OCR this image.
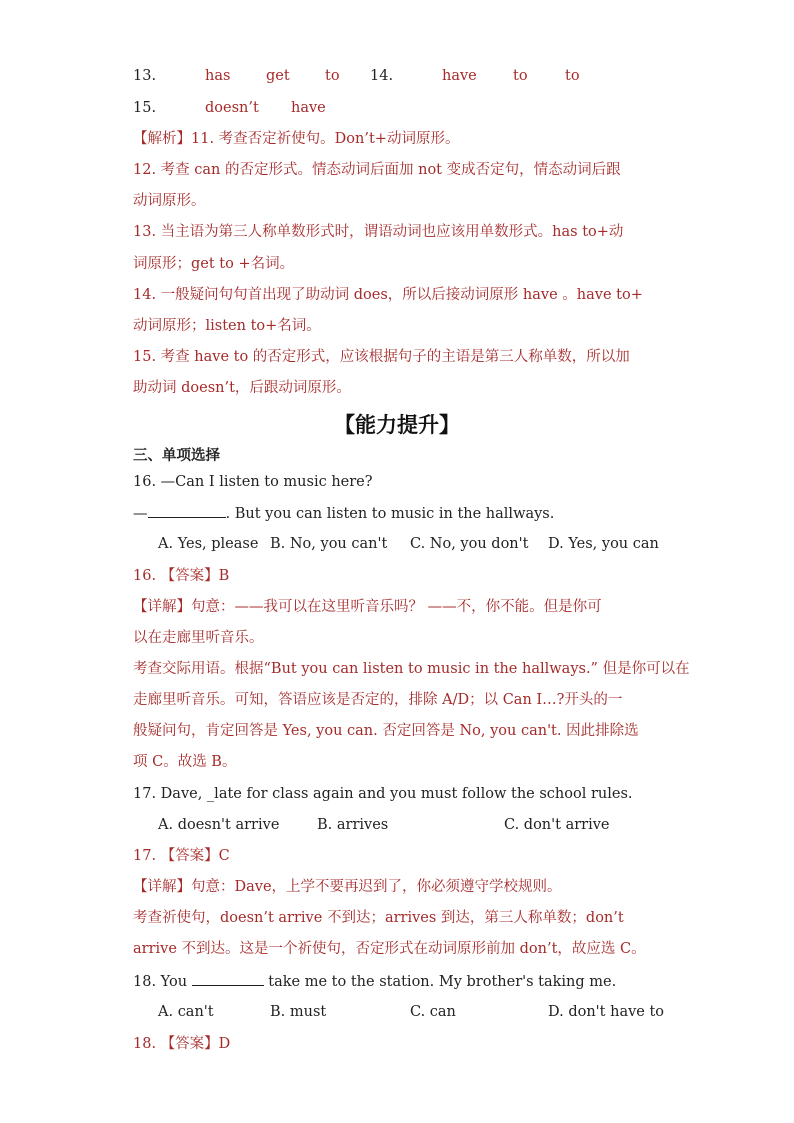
13.	has get to 14.	have to	to
15.	doesn’t have
【解析】11. 考查否定祈使句。Don’t+动词原形。
12. 考查 can 的否定形式。情态动词后面加 not 变成否定句，情态动词后跟
动词原形。
13. 当主语为第三人称单数形式时，谓语动词也应该用单数形式。has to+动
词原形；get to +名词。
14. 一般疑问句句首出现了助动词 does，所以后接动词原形 have 。have to+
动词原形；listen to+名词。
15. 考查 have to 的否定形式，应该根据句子的主语是第三人称单数，所以加
助动词 doesn’t，后跟动词原形。
【能力提升】
三、单项选择
16. —Can I listen to music here?
—	. But you can listen to music in the hallways.
A. Yes, please B. No, you can't C. No, you don't D. Yes, you can
16. 【答案】B
【详解】句意：——我可以在这里听音乐吗？ ——不，你不能。但是你可
以在走廊里听音乐。
考查交际用语。根据“But you can listen to music in the hallways.” 但是你可以在
走廊里听音乐。可知，答语应该是否定的，排除 A/D；以 Can I…?开头的一
般疑问句，肯定回答是 Yes, you can. 否定回答是 No, you can't. 因此排除选
项 C。故选 B。
17. Dave, _late for class again and you must follow the school rules.
A. doesn't arrive	B. arrives	C. don't arrive
17. 【答案】C
【详解】句意：Dave，上学不要再迟到了，你必须遵守学校规则。
考查祈使句，doesn’t arrive 不到达；arrives 到达，第三人称单数；don’t
arrive 不到达。这是一个祈使句，否定形式在动词原形前加 don’t，故应选 C。
18. You	take me to the station. My brother's taking me.
A. can't	B. must	C. can	D. don't have to
18. 【答案】D
